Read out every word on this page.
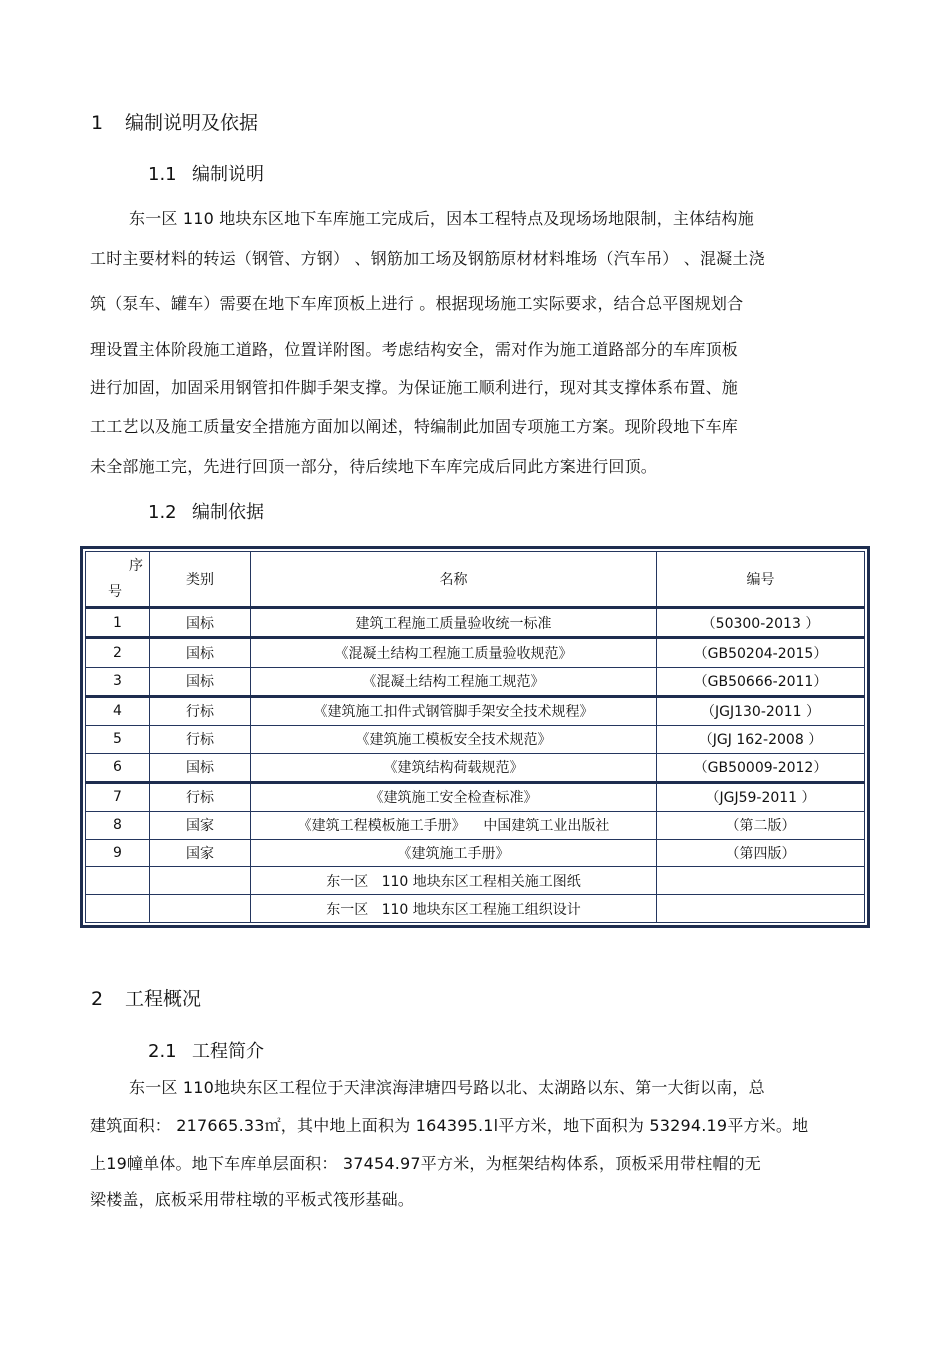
1 编制说明及依据
1.1 编制说明
东一区 110 地块东区地下车库施工完成后，因本工程特点及现场场地限制，主体结构施
工时主要材料的转运（钢管、方钢） 、钢筋加工场及钢筋原材材料堆场（汽车吊） 、混凝土浇
筑（泵车、罐车）需要在地下车库顶板上进行 。根据现场施工实际要求，结合总平图规划合
理设置主体阶段施工道路，位置详附图。考虑结构安全，需对作为施工道路部分的车库顶板
进行加固，加固采用钢管扣件脚手架支撑。为保证施工顺利进行，现对其支撑体系布置、施
工工艺以及施工质量安全措施方面加以阐述，特编制此加固专项施工方案。现阶段地下车库
未全部施工完，先进行回顶一部分，待后续地下车库完成后同此方案进行回顶。
1.2 编制依据
序
号	类别	名称	编号
1	国标	建筑工程施工质量验收统一标准	（50300-2013 ）
2	国标	《混凝土结构工程施工质量验收规范》	（GB50204-2015）
3	国标	《混凝土结构工程施工规范》	（GB50666-2011）
4	行标	《建筑施工扣件式钢管脚手架安全技术规程》	（JGJ130-2011 ）
5	行标	《建筑施工模板安全技术规范》	（JGJ 162-2008 ）
6	国标	《建筑结构荷载规范》	（GB50009-2012）
7	行标	《建筑施工安全检查标准》	（JGJ59-2011 ）
8	国家	《建筑工程模板施工手册》    中国建筑工业出版社	（第二版）
9	国家	《建筑施工手册》	（第四版）
		东一区   110 地块东区工程相关施工图纸	
		东一区   110 地块东区工程施工组织设计	
2 工程概况
2.1 工程简介
东一区 110地块东区工程位于天津滨海津塘四号路以北、太湖路以东、第一大街以南，总
建筑面积： 217665.33㎡，其中地上面积为 164395.1l平方米，地下面积为 53294.19平方米。地
上19幢单体。地下车库单层面积： 37454.97平方米，为框架结构体系，顶板采用带柱帽的无
梁楼盖，底板采用带柱墩的平板式筏形基础。
